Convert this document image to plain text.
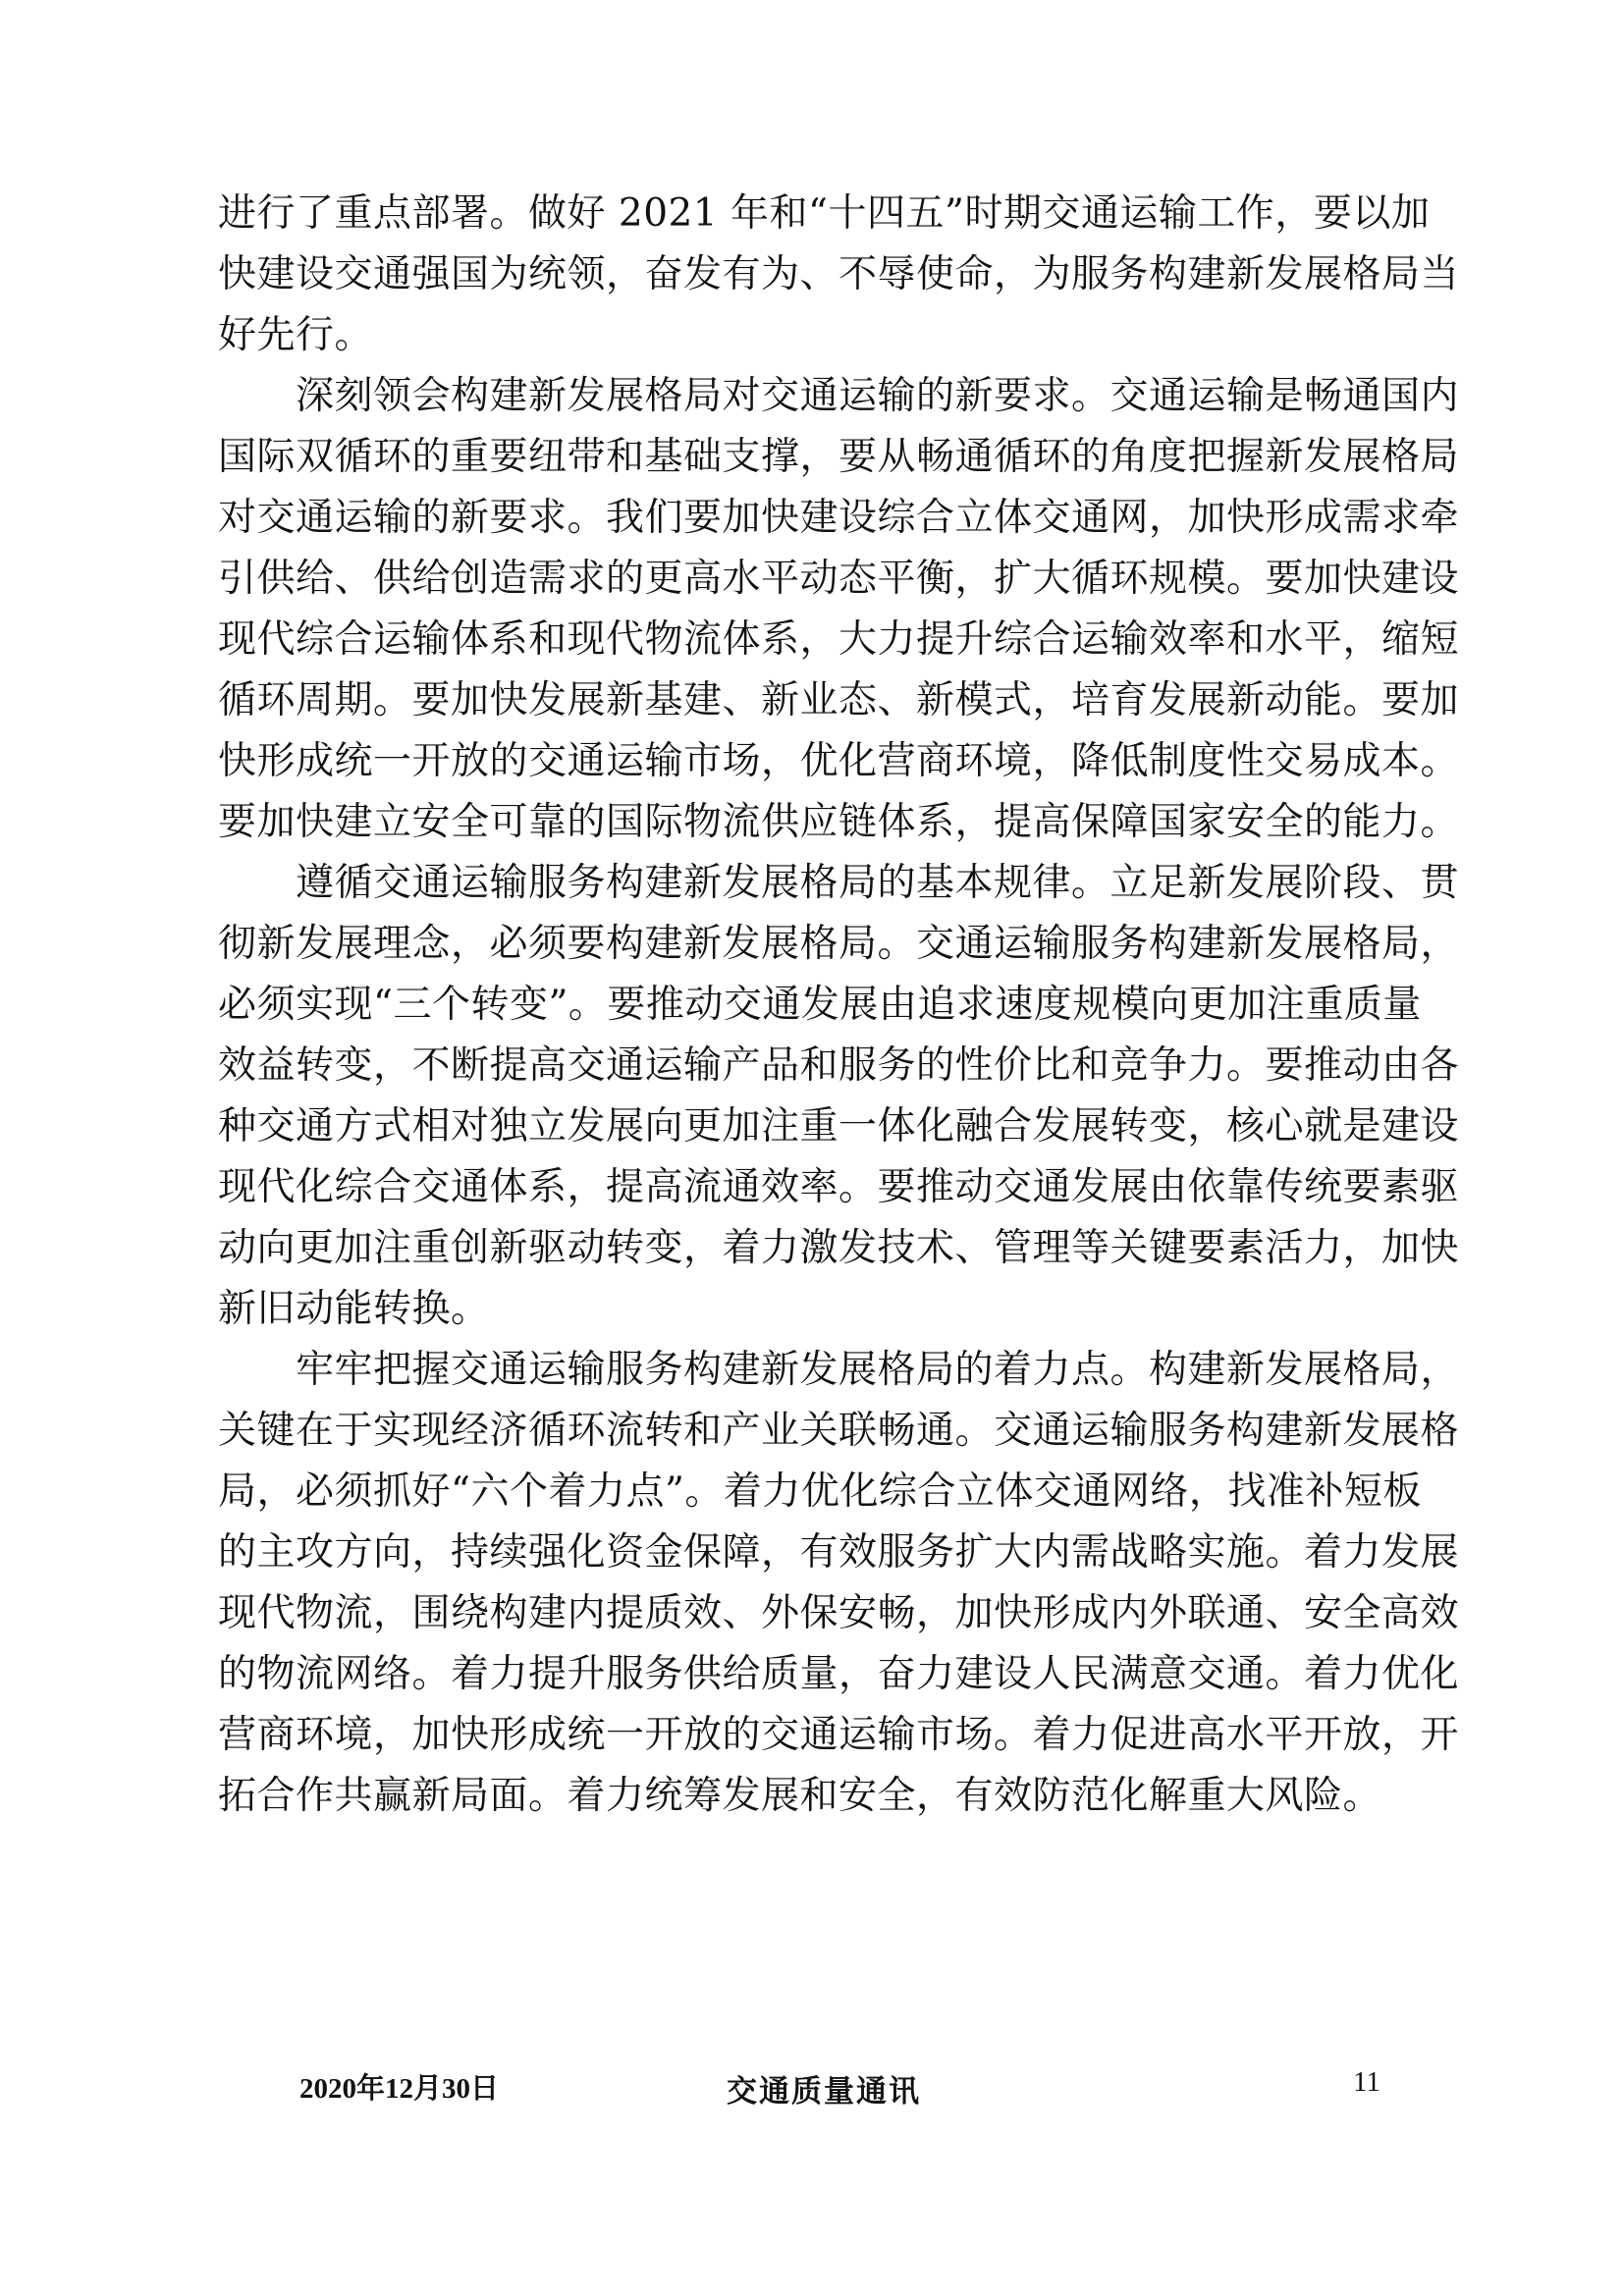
进行了重点部署。做好 2021 年和“十四五”时期交通运输工作，要以加
快建设交通强国为统领，奋发有为、不辱使命，为服务构建新发展格局当
好先行。
　　深刻领会构建新发展格局对交通运输的新要求。交通运输是畅通国内
国际双循环的重要纽带和基础支撑，要从畅通循环的角度把握新发展格局
对交通运输的新要求。我们要加快建设综合立体交通网，加快形成需求牵
引供给、供给创造需求的更高水平动态平衡，扩大循环规模。要加快建设
现代综合运输体系和现代物流体系，大力提升综合运输效率和水平，缩短
循环周期。要加快发展新基建、新业态、新模式，培育发展新动能。要加
快形成统一开放的交通运输市场，优化营商环境，降低制度性交易成本。
要加快建立安全可靠的国际物流供应链体系，提高保障国家安全的能力。
　　遵循交通运输服务构建新发展格局的基本规律。立足新发展阶段、贯
彻新发展理念，必须要构建新发展格局。交通运输服务构建新发展格局，
必须实现“三个转变”。要推动交通发展由追求速度规模向更加注重质量
效益转变，不断提高交通运输产品和服务的性价比和竞争力。要推动由各
种交通方式相对独立发展向更加注重一体化融合发展转变，核心就是建设
现代化综合交通体系，提高流通效率。要推动交通发展由依靠传统要素驱
动向更加注重创新驱动转变，着力激发技术、管理等关键要素活力，加快
新旧动能转换。
　　牢牢把握交通运输服务构建新发展格局的着力点。构建新发展格局，
关键在于实现经济循环流转和产业关联畅通。交通运输服务构建新发展格
局，必须抓好“六个着力点”。着力优化综合立体交通网络，找准补短板
的主攻方向，持续强化资金保障，有效服务扩大内需战略实施。着力发展
现代物流，围绕构建内提质效、外保安畅，加快形成内外联通、安全高效
的物流网络。着力提升服务供给质量，奋力建设人民满意交通。着力优化
营商环境，加快形成统一开放的交通运输市场。着力促进高水平开放，开
拓合作共赢新局面。着力统筹发展和安全，有效防范化解重大风险。
2020年12月30日	交通质量通讯	11
